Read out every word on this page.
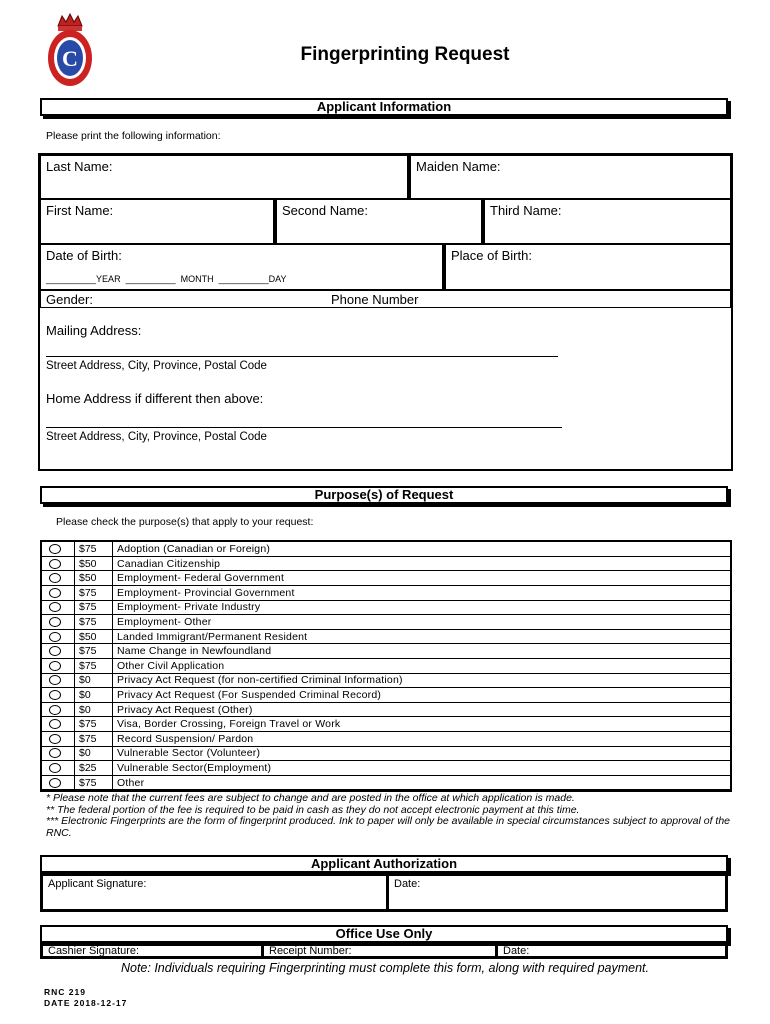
C	Fingerprinting Request
Applicant Information
Please print the following information:
Last Name:	Maiden Name:
First Name:	Second Name:	Third Name:
Date of Birth:
__________YEAR  __________  MONTH  __________DAY
Place of Birth:
Gender:	Phone Number
Mailing Address:
Street Address, City, Province, Postal Code
Home Address if different then above:
Street Address, City, Province, Postal Code
Purpose(s) of Request
Please check the purpose(s) that apply to your request:
$75	Adoption (Canadian or Foreign)
$50	Canadian Citizenship
$50	Employment- Federal Government
$75	Employment- Provincial Government
$75	Employment- Private Industry
$75	Employment- Other
$50	Landed Immigrant/Permanent Resident
$75	Name Change in Newfoundland
$75	Other Civil Application
$0	Privacy Act Request (for non-certified Criminal Information)
$0	Privacy Act Request (For Suspended Criminal Record)
$0	Privacy Act Request (Other)
$75	Visa, Border Crossing, Foreign Travel or Work
$75	Record Suspension/ Pardon
$0	Vulnerable Sector (Volunteer)
$25	Vulnerable Sector(Employment)
$75	Other
* Please note that the current fees are subject to change and are posted in the office at which application is made.
** The federal portion of the fee is required to be paid in cash as they do not accept electronic payment at this time.
*** Electronic Fingerprints are the form of fingerprint produced. Ink to paper will only be available in special circumstances subject to approval of the RNC.
Applicant Authorization
Applicant Signature:	Date:
Office Use Only
Cashier Signature:	Receipt Number:	Date:
Note: Individuals requiring Fingerprinting must complete this form, along with required payment.
RNC 219
DATE 2018-12-17
